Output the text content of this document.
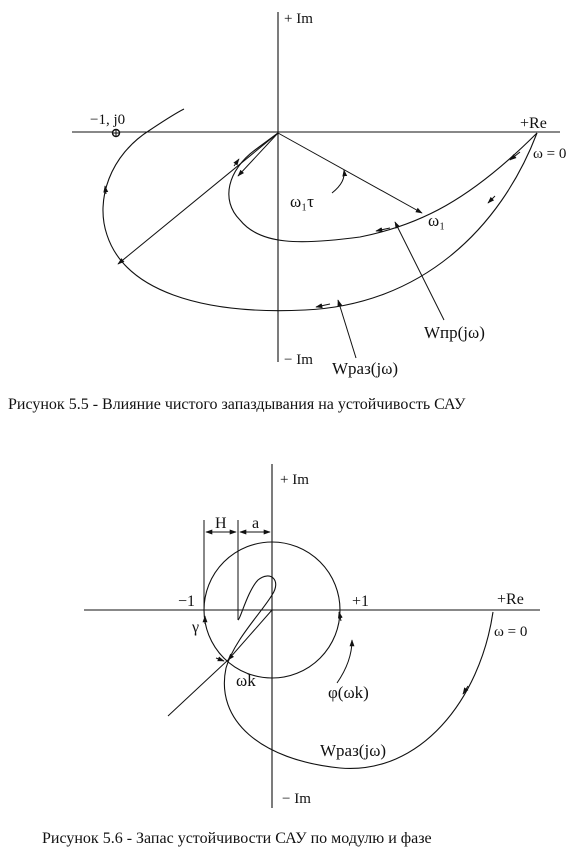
+ Im
− Im
+Re
ω = 0
−1, j0
ω₁τ
ω₁
Wпр(jω)
Wраз(jω)
Рисунок 5.5 - Влияние чистого запаздывания на устойчивость САУ
+ Im
− Im
+Re
ω = 0
−1	+1
H a
γ
ωk
φ(ωk)
Wраз(jω)
Рисунок 5.6 - Запас устойчивости САУ по модулю и фазе
